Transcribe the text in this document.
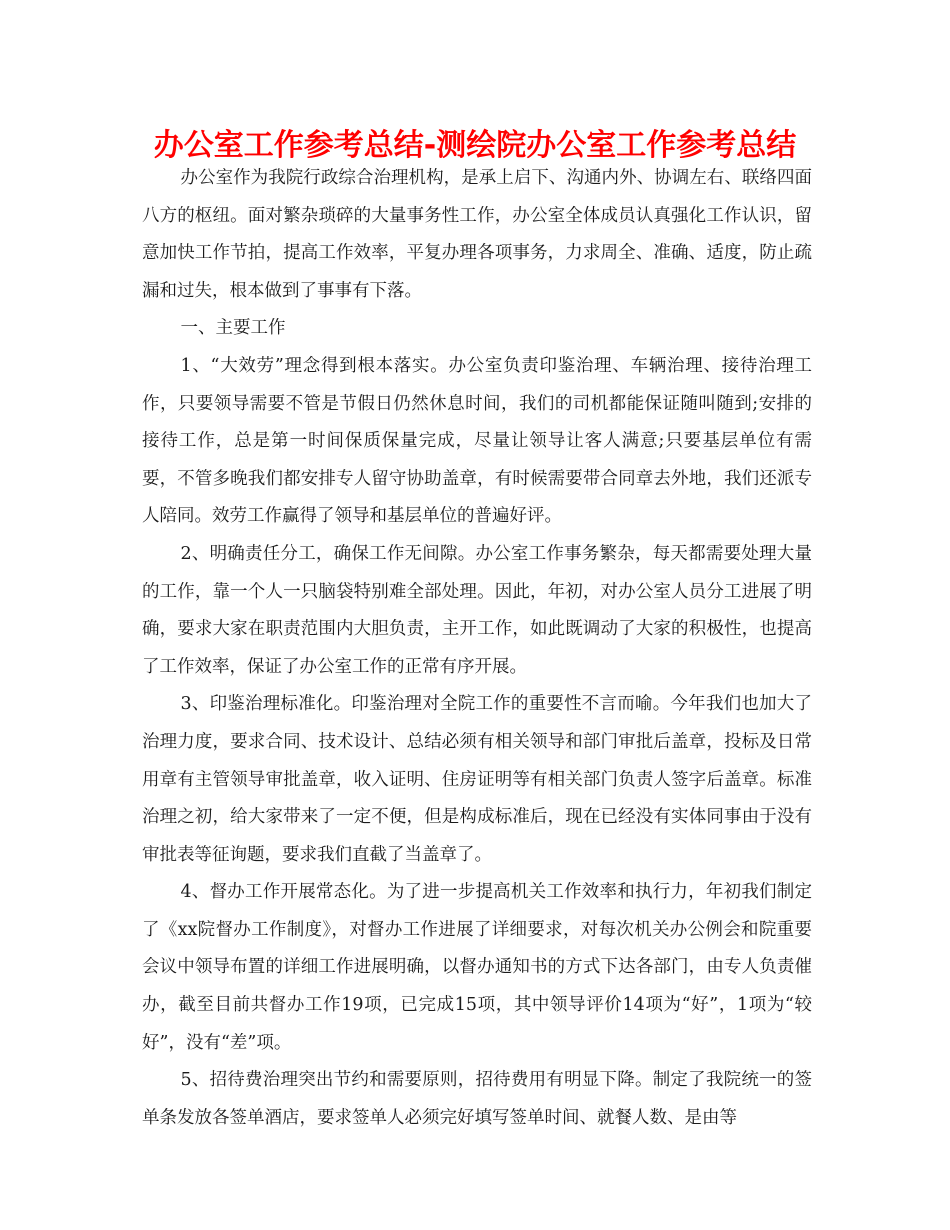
办公室工作参考总结-测绘院办公室工作参考总结

办公室作为我院行政综合治理机构，是承上启下、沟通内外、协调左右、联络四面八方的枢纽。面对繁杂琐碎的大量事务性工作，办公室全体成员认真强化工作认识，留意加快工作节拍，提高工作效率，平复办理各项事务，力求周全、准确、适度，防止疏漏和过失，根本做到了事事有下落。

一、主要工作

1、“大效劳”理念得到根本落实。办公室负责印鉴治理、车辆治理、接待治理工作，只要领导需要不管是节假日仍然休息时间，我们的司机都能保证随叫随到;安排的接待工作，总是第一时间保质保量完成，尽量让领导让客人满意;只要基层单位有需要，不管多晚我们都安排专人留守协助盖章，有时候需要带合同章去外地，我们还派专人陪同。效劳工作赢得了领导和基层单位的普遍好评。

2、明确责任分工，确保工作无间隙。办公室工作事务繁杂，每天都需要处理大量的工作，靠一个人一只脑袋特别难全部处理。因此，年初，对办公室人员分工进展了明确，要求大家在职责范围内大胆负责，主开工作，如此既调动了大家的积极性，也提高了工作效率，保证了办公室工作的正常有序开展。

3、印鉴治理标准化。印鉴治理对全院工作的重要性不言而喻。今年我们也加大了治理力度，要求合同、技术设计、总结必须有相关领导和部门审批后盖章，投标及日常用章有主管领导审批盖章，收入证明、住房证明等有相关部门负责人签字后盖章。标准治理之初，给大家带来了一定不便，但是构成标准后，现在已经没有实体同事由于没有审批表等征询题，要求我们直截了当盖章了。

4、督办工作开展常态化。为了进一步提高机关工作效率和执行力，年初我们制定了《xx院督办工作制度》，对督办工作进展了详细要求，对每次机关办公例会和院重要会议中领导布置的详细工作进展明确，以督办通知书的方式下达各部门，由专人负责催办，截至目前共督办工作19项，已完成15项，其中领导评价14项为“好”，1项为“较好”，没有“差”项。

5、招待费治理突出节约和需要原则，招待费用有明显下降。制定了我院统一的签单条发放各签单酒店，要求签单人必须完好填写签单时间、就餐人数、是由等
